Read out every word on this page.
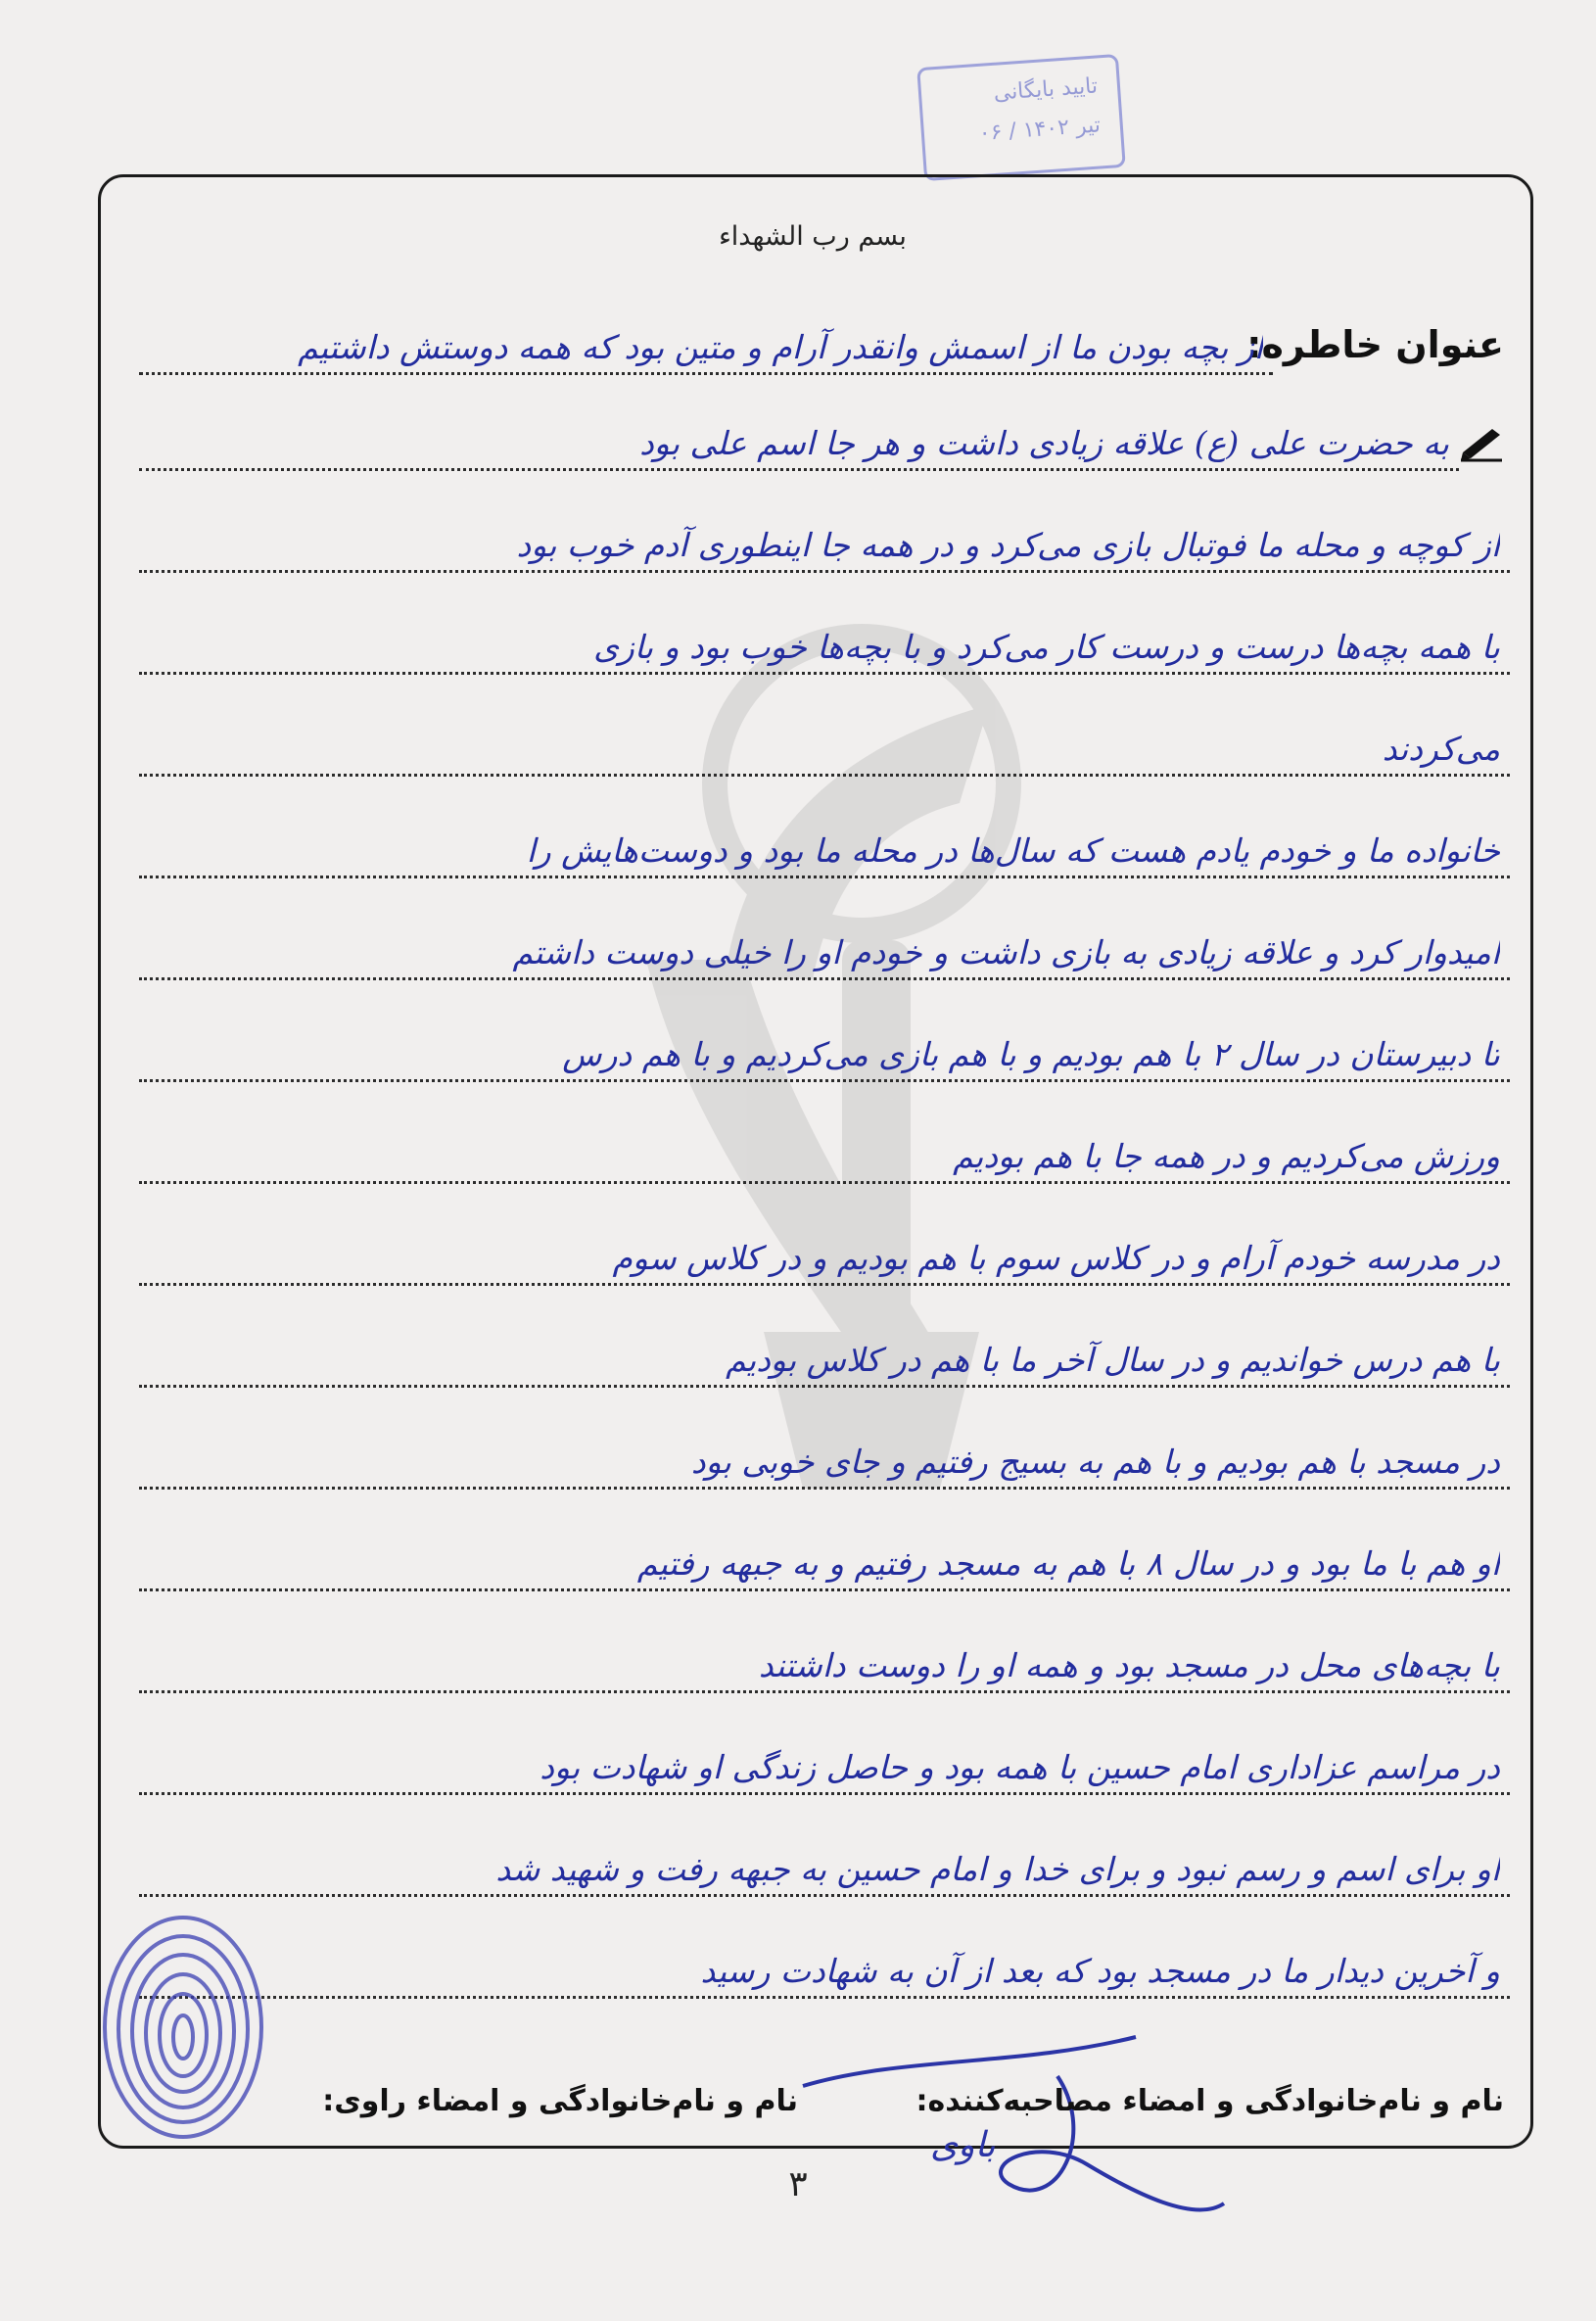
تایید بایگانی
۰۶ / تیر ۱۴۰۲
بسم رب الشهداء
عنوان خاطره:
از بچه بودن ما از اسمش وانقدر آرام و متین بود که همه دوستش داشتیم
به حضرت علی (ع) علاقه زیادی داشت و هر جا اسم علی بود
از کوچه و محله ما فوتبال بازی می‌کرد و در همه جا اینطوری آدم خوب بود
با همه بچه‌ها درست و درست کار می‌کرد و با بچه‌ها خوب بود و بازی
می‌کردند
خانواده ما و خودم یادم هست که سال‌ها در محله ما بود و دوست‌هایش را
امیدوار کرد و علاقه زیادی به بازی داشت و خودم او را خیلی دوست داشتم
تا دبیرستان در سال ۲ با هم بودیم و با هم بازی می‌کردیم و با هم درس
ورزش می‌کردیم و در همه جا با هم بودیم
در مدرسه خودم آرام و در کلاس سوم با هم بودیم و در کلاس سوم
با هم درس خواندیم و در سال آخر ما با هم در کلاس بودیم
در مسجد با هم بودیم و با هم به بسیج رفتیم و جای خوبی بود
او هم با ما بود و در سال ۸ با هم به مسجد رفتیم و به جبهه رفتیم
با بچه‌های محل در مسجد بود و همه او را دوست داشتند
در مراسم عزاداری امام حسین با همه بود و حاصل زندگی او شهادت بود
او برای اسم و رسم نبود و برای خدا و امام حسین به جبهه رفت و شهید شد
و آخرین دیدار ما در مسجد بود که بعد از آن به شهادت رسید
باوی
نام و نام‌خانوادگی و امضاء مصاحبه‌کننده:
نام و نام‌خانوادگی و امضاء راوی:
۳
